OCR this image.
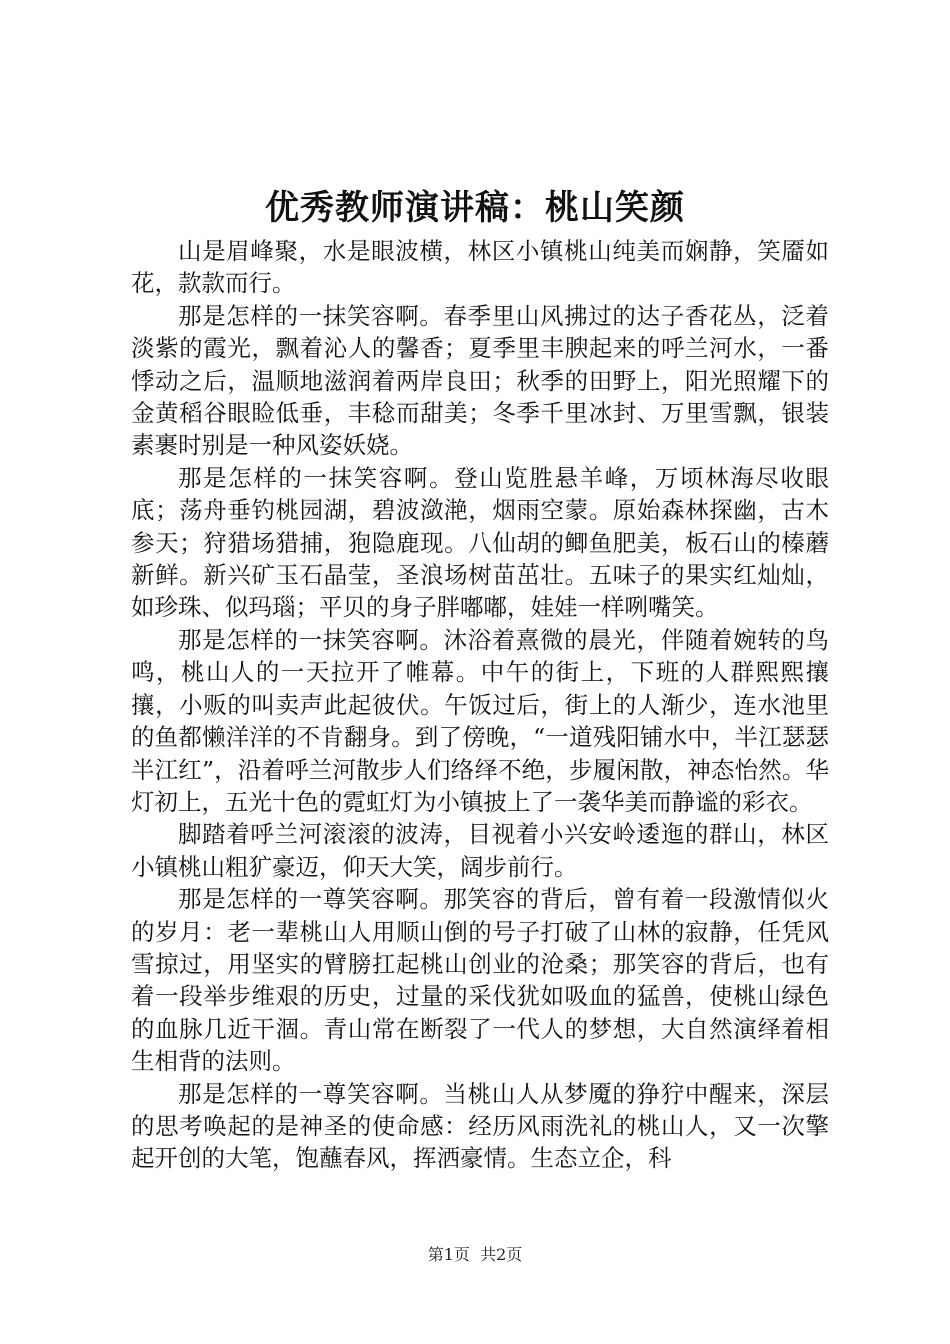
优秀教师演讲稿：桃山笑颜

山是眉峰聚，水是眼波横，林区小镇桃山纯美而娴静，笑靥如花，款款而行。

那是怎样的一抹笑容啊。春季里山风拂过的达子香花丛，泛着淡紫的霞光，飘着沁人的馨香；夏季里丰腴起来的呼兰河水，一番悸动之后，温顺地滋润着两岸良田；秋季的田野上，阳光照耀下的金黄稻谷眼睑低垂，丰稔而甜美；冬季千里冰封、万里雪飘，银装素裹时别是一种风姿妖娆。

那是怎样的一抹笑容啊。登山览胜悬羊峰，万顷林海尽收眼底；荡舟垂钓桃园湖，碧波潋滟，烟雨空蒙。原始森林探幽，古木参天；狩猎场猎捕，狍隐鹿现。八仙胡的鲫鱼肥美，板石山的榛蘑新鲜。新兴矿玉石晶莹，圣浪场树苗茁壮。五味子的果实红灿灿，如珍珠、似玛瑙；平贝的身子胖嘟嘟，娃娃一样咧嘴笑。

那是怎样的一抹笑容啊。沐浴着熹微的晨光，伴随着婉转的鸟鸣，桃山人的一天拉开了帷幕。中午的街上，下班的人群熙熙攘攘，小贩的叫卖声此起彼伏。午饭过后，街上的人渐少，连水池里的鱼都懒洋洋的不肯翻身。到了傍晚，“一道残阳铺水中，半江瑟瑟半江红”，沿着呼兰河散步人们络绎不绝，步履闲散，神态怡然。华灯初上，五光十色的霓虹灯为小镇披上了一袭华美而静谧的彩衣。

脚踏着呼兰河滚滚的波涛，目视着小兴安岭逶迤的群山，林区小镇桃山粗犷豪迈，仰天大笑，阔步前行。

那是怎样的一尊笑容啊。那笑容的背后，曾有着一段激情似火的岁月：老一辈桃山人用顺山倒的号子打破了山林的寂静，任凭风雪掠过，用坚实的臂膀扛起桃山创业的沧桑；那笑容的背后，也有着一段举步维艰的历史，过量的采伐犹如吸血的猛兽，使桃山绿色的血脉几近干涸。青山常在断裂了一代人的梦想，大自然演绎着相生相背的法则。

那是怎样的一尊笑容啊。当桃山人从梦魇的狰狞中醒来，深层的思考唤起的是神圣的使命感：经历风雨洗礼的桃山人，又一次擎起开创的大笔，饱蘸春风，挥洒豪情。生态立企，科

第1页 共2页
